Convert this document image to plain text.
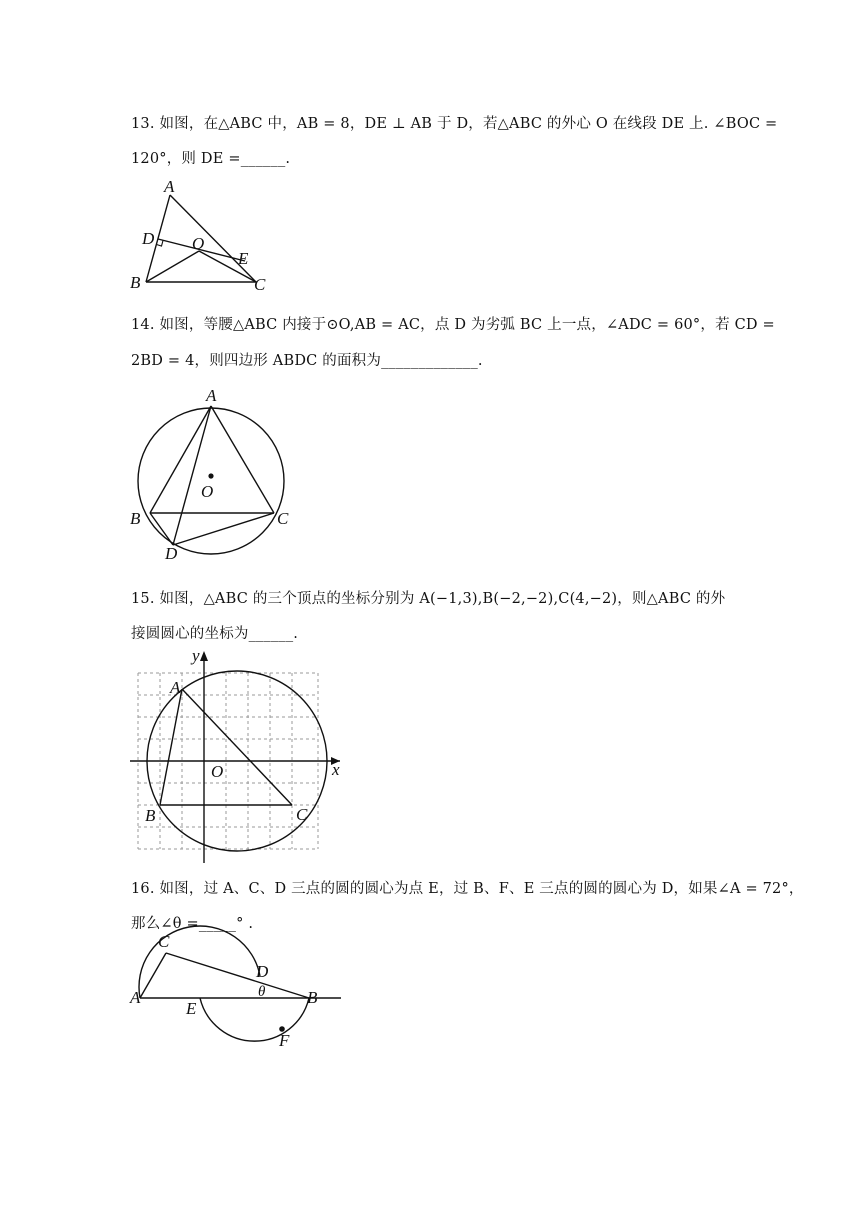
13. 如图，在△ABC 中，AB = 8，DE ⊥ AB 于 D，若△ABC 的外心 O 在线段 DE 上. ∠BOC =
120°，则 DE =______.
A
B	C
D
E
O
14. 如图，等腰△ABC 内接于⊙O,AB = AC，点 D 为劣弧 BC 上一点，∠ADC = 60°，若 CD =
2BD = 4，则四边形 ABDC 的面积为_____________.
A
B	C
D
O
15. 如图，△ABC 的三个顶点的坐标分别为 A(−1,3),B(−2,−2),C(4,−2)，则△ABC 的外
接圆圆心的坐标为______.
x
y
O
A
B	C
16. 如图，过 A、C、D 三点的圆的圆心为点 E，过 B、F、E 三点的圆的圆心为 D，如果∠A = 72°，
那么∠θ =_____° .
A
C
D
B
E
F
θ
